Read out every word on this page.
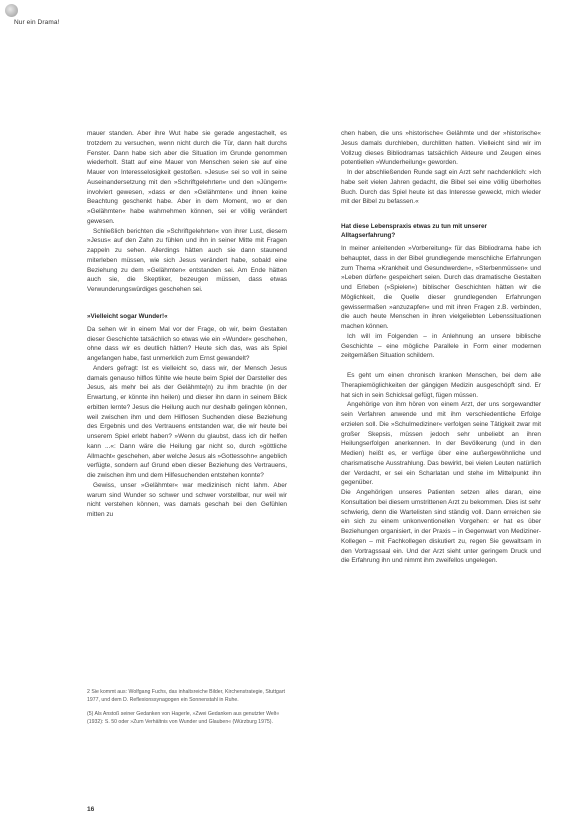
Nur ein Drama!

mauer standen. Aber ihre Wut habe sie gerade angestachelt, es trotzdem zu versuchen, wenn nicht durch die Tür, dann halt durchs Fenster. Dann habe sich aber die Situation im Grunde genommen wiederholt. Statt auf eine Mauer von Menschen seien sie auf eine Mauer von Interesselosigkeit gestoßen. »Jesus« sei so voll in seine Auseinandersetzung mit den »Schriftgelehrten« und den »Jüngern« involviert gewesen, »dass er den »Gelähmten« und ihnen keine Beachtung geschenkt habe. Aber in dem Moment, wo er den »Gelähmten« habe wahrnehmen können, sei er völlig verändert gewesen.

Schließlich berichten die »Schriftgelehrten« von ihrer Lust, diesem »Jesus« auf den Zahn zu fühlen und ihn in seiner Mitte mit Fragen zappeln zu sehen. Allerdings hätten auch sie dann staunend miterleben müssen, wie sich Jesus verändert habe, sobald eine Beziehung zu dem »Gelähmten« entstanden sei. Am Ende hätten auch sie, die Skeptiker, bezeugen müssen, dass etwas Verwunderungswürdiges geschehen sei.

»Vielleicht sogar Wunder!«

Da sehen wir in einem Mal vor der Frage, ob wir, beim Gestalten dieser Geschichte tatsächlich so etwas wie ein »Wunder« geschehen, ohne dass wir es deutlich hätten? Heute sich das, was als Spiel angefangen habe, fast unmerklich zum Ernst gewandelt?

Anders gefragt: Ist es vielleicht so, dass wir, der Mensch Jesus damals genauso hilflos fühlte wie heute beim Spiel der Darsteller des Jesus, als mehr bei als der Gelähmte(n) zu ihm brachte (in der Erwartung, er könnte ihn heilen) und dieser ihn dann in seinem Blick erbitten lernte? Jesus die Heilung auch nur deshalb gelingen können, weil zwischen ihm und dem Hilflosen Suchenden diese Beziehung des Ergebnis und des Vertrauens entstanden war, die wir heute bei unserem Spiel erlebt haben? »Wenn du glaubst, dass ich dir helfen kann ...«: Dann wäre die Heilung gar nicht so, durch »göttliche Allmacht« geschehen, aber welche Jesus als »Gottessohn« angeblich verfügte, sondern auf Grund eben dieser Beziehung des Vertrauens, die zwischen ihm und dem Hilfesuchenden entstehen konnte?

Gewiss, unser »Gelähmter« war medizinisch nicht lahm. Aber warum sind Wunder so schwer und schwer vorstellbar, nur weil wir nicht verstehen können, was damals geschah bei den Gefühlen mitten zu

chen haben, die uns »historische« Gelähmte und der »historische« Jesus damals durchleben, durchlitten hatten. Vielleicht sind wir im Vollzug dieses Bibliodramas tatsächlich Akteure und Zeugen eines potentiellen »Wunderheilung« geworden.

In der abschließenden Runde sagt ein Arzt sehr nachdenklich: »Ich habe seit vielen Jahren gedacht, die Bibel sei eine völlig überholtes Buch. Durch das Spiel heute ist das Interesse geweckt, mich wieder mit der Bibel zu befassen.«

Hat diese Lebenspraxis etwas zu tun mit unserer Alltagserfahrung?

In meiner anleitenden »Vorbereitung« für das Bibliodrama habe ich behauptet, dass in der Bibel grundlegende menschliche Erfahrungen zum Thema »Krankheit und Gesundwerden«, »Sterbenmüssen« und »Leben dürfen« gespeichert seien. Durch das dramatische Gestalten und Erleben (»Spielen«) biblischer Geschichten hätten wir die Möglichkeit, die Quelle dieser grundlegenden Erfahrungen gewissermaßen »anzuzapfen« und mit ihren Fragen z.B. verbinden, die auch heute Menschen in ihren vielgeliebten Lebenssituationen machen können.

Ich will im Folgenden – in Anlehnung an unsere biblische Geschichte – eine mögliche Parallele in Form einer modernen zeitgemäßen Situation schildern.

Es geht um einen chronisch kranken Menschen, bei dem alle Therapiemöglichkeiten der gängigen Medizin ausgeschöpft sind. Er hat sich in sein Schicksal gefügt, fügen müssen.

Angehörige von ihm hören von einem Arzt, der uns sorgewandter sein Verfahren anwende und mit ihm verschiedentliche Erfolge erzielen soll. Die »Schulmediziner« verfolgen seine Tätigkeit zwar mit großer Skepsis, müssen jedoch sehr unbeliebt an ihren Heilungserfolgen anerkennen. In der Bevölkerung (und in den Medien) heißt es, er verfüge über eine außergewöhnliche und charismatische Ausstrahlung. Das bewirkt, bei vielen Leuten natürlich der Verdacht, er sei ein Scharlatan und stehe im Mittelpunkt ihn gegenüber.

Die Angehörigen unseres Patienten setzen alles daran, eine Konsultation bei diesem umstrittenen Arzt zu bekommen. Dies ist sehr schwierig, denn die Wartelisten sind ständig voll. Dann erreichen sie ein sich zu einem unkonventionellen Vorgehen: er hat es über Beziehungen organisiert, in der Praxis – in Gegenwart von Mediziner-Kollegen – mit Fachkollegen diskutiert zu, regen Sie gewaltsam in den Vortragssaal ein. Und der Arzt sieht unter geringem Druck und die Erfahrung ihn und nimmt ihm zweifellos ungelegen.

2 Sie kommt aus: Wolfgang Fuchs, das inhaltsreiche Bilder, Kirchenstrategie, Stuttgart 1977, und dem D. Reflexionssynagogen ein Sonnenstahl in Ruhe.

(5) Als Anstoß seiner Gedanken von Hagerle, »Zwei Gedanken aus genutzter Welt« (1932): S. 50 oder »Zum Verhältnis von Wunder und Glauben« (Würzburg 1975).

16
